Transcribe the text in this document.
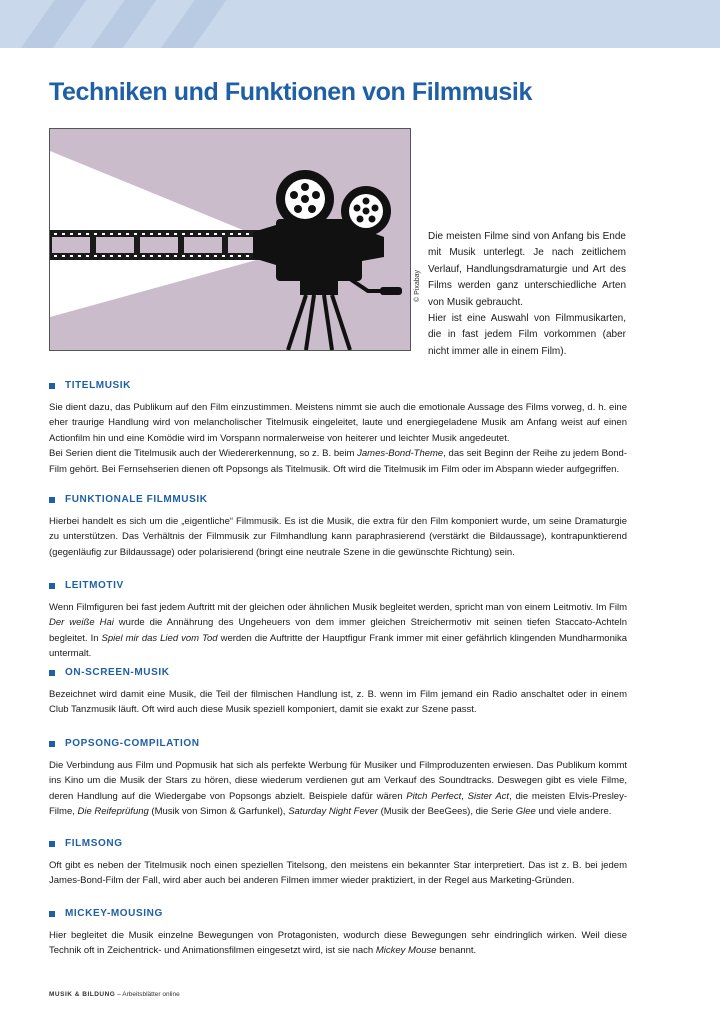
Techniken und Funktionen von Filmmusik
© Pixabay

Die meisten Filme sind von Anfang bis Ende mit Musik unterlegt. Je nach zeitlichem Verlauf, Handlungsdramaturgie und Art des Films werden ganz unterschiedliche Arten von Musik gebraucht.

Hier ist eine Auswahl von Filmmusikarten, die in fast jedem Film vorkommen (aber nicht immer alle in einem Film).

TITELMUSIK

Sie dient dazu, das Publikum auf den Film einzustimmen. Meistens nimmt sie auch die emotionale Aussage des Films vorweg, d. h. eine eher traurige Handlung wird von melancholischer Titelmusik eingeleitet, laute und energiegeladene Musik am Anfang weist auf einen Actionfilm hin und eine Komödie wird im Vorspann normalerweise von heiterer und leichter Musik angedeutet.

Bei Serien dient die Titelmusik auch der Wiedererkennung, so z. B. beim James-Bond-Theme, das seit Beginn der Reihe zu jedem Bond-Film gehört. Bei Fernsehserien dienen oft Popsongs als Titelmusik. Oft wird die Titelmusik im Film oder im Abspann wieder aufgegriffen.

FUNKTIONALE FILMMUSIK

Hierbei handelt es sich um die „eigentliche“ Filmmusik. Es ist die Musik, die extra für den Film komponiert wurde, um seine Dramaturgie zu unterstützen. Das Verhältnis der Filmmusik zur Filmhandlung kann paraphrasierend (verstärkt die Bildaussage), kontrapunktierend (gegenläufig zur Bildaussage) oder polarisierend (bringt eine neutrale Szene in die gewünschte Richtung) sein.

LEITMOTIV

Wenn Filmfiguren bei fast jedem Auftritt mit der gleichen oder ähnlichen Musik begleitet werden, spricht man von einem Leitmotiv. Im Film Der weiße Hai wurde die Annährung des Ungeheuers von dem immer gleichen Streichermotiv mit seinen tiefen Staccato-Achteln begleitet. In Spiel mir das Lied vom Tod werden die Auftritte der Hauptfigur Frank immer mit einer gefährlich klingenden Mundharmonika untermalt.

ON-SCREEN-MUSIK

Bezeichnet wird damit eine Musik, die Teil der filmischen Handlung ist, z. B. wenn im Film jemand ein Radio anschaltet oder in einem Club Tanzmusik läuft. Oft wird auch diese Musik speziell komponiert, damit sie exakt zur Szene passt.

POPSONG-COMPILATION

Die Verbindung aus Film und Popmusik hat sich als perfekte Werbung für Musiker und Filmproduzenten erwiesen. Das Publikum kommt ins Kino um die Musik der Stars zu hören, diese wiederum verdienen gut am Verkauf des Soundtracks. Deswegen gibt es viele Filme, deren Handlung auf die Wiedergabe von Popsongs abzielt. Beispiele dafür wären Pitch Perfect, Sister Act, die meisten Elvis-Presley-Filme, Die Reifeprüfung (Musik von Simon & Garfunkel), Saturday Night Fever (Musik der BeeGees), die Serie Glee und viele andere.

FILMSONG

Oft gibt es neben der Titelmusik noch einen speziellen Titelsong, den meistens ein bekannter Star interpretiert. Das ist z. B. bei jedem James-Bond-Film der Fall, wird aber auch bei anderen Filmen immer wieder praktiziert, in der Regel aus Marketing-Gründen.

MICKEY-MOUSING

Hier begleitet die Musik einzelne Bewegungen von Protagonisten, wodurch diese Bewegungen sehr eindringlich wirken. Weil diese Technik oft in Zeichentrick- und Animationsfilmen eingesetzt wird, ist sie nach Mickey Mouse benannt.

MUSIK & BILDUNG – Arbeitsblätter online
